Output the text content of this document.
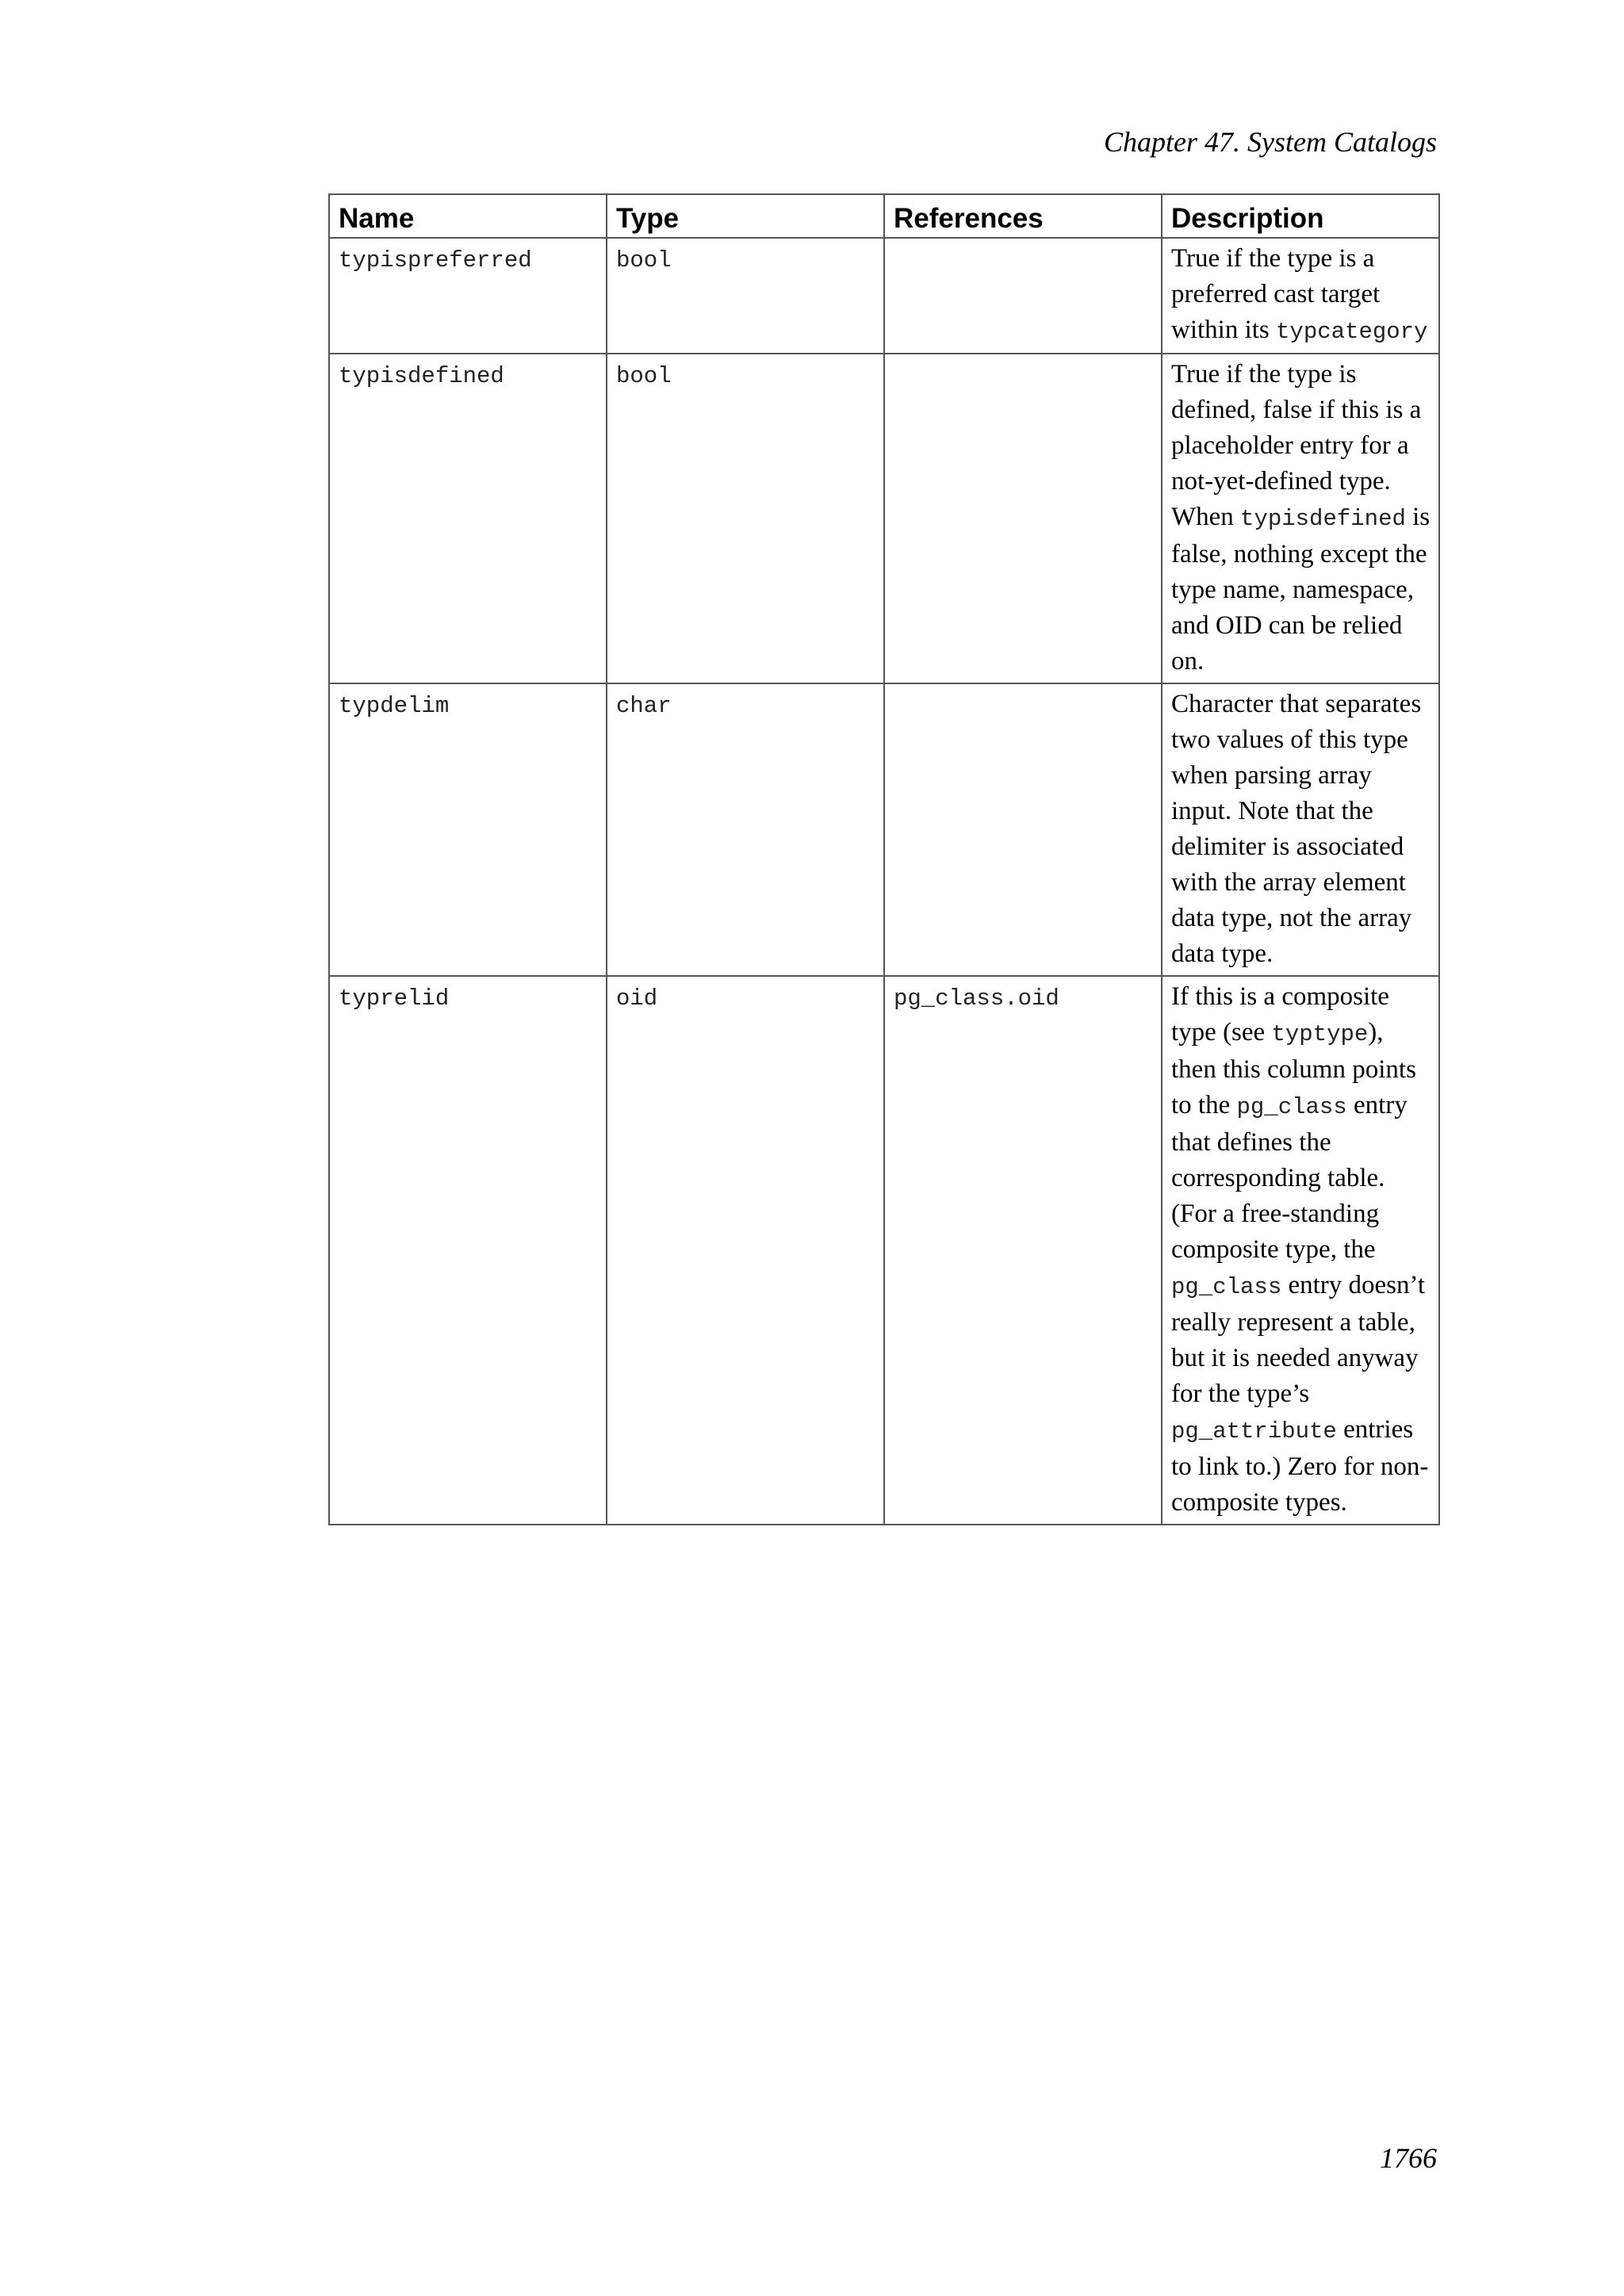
Chapter 47. System Catalogs
Name	Type	References	Description
typispreferred	bool		True if the type is a preferred cast target within its typcategory
typisdefined	bool		True if the type is defined, false if this is a placeholder entry for a not-yet-defined type. When typisdefined is false, nothing except the type name, namespace, and OID can be relied on.
typdelim	char		Character that separates two values of this type when parsing array input. Note that the delimiter is associated with the array element data type, not the array data type.
typrelid	oid	pg_class.oid	If this is a composite type (see typtype), then this column points to the pg_class entry that defines the corresponding table. (For a free-standing composite type, the pg_class entry doesn’t really represent a table, but it is needed anyway for the type’s pg_attribute entries to link to.) Zero for non-composite types.
1766
